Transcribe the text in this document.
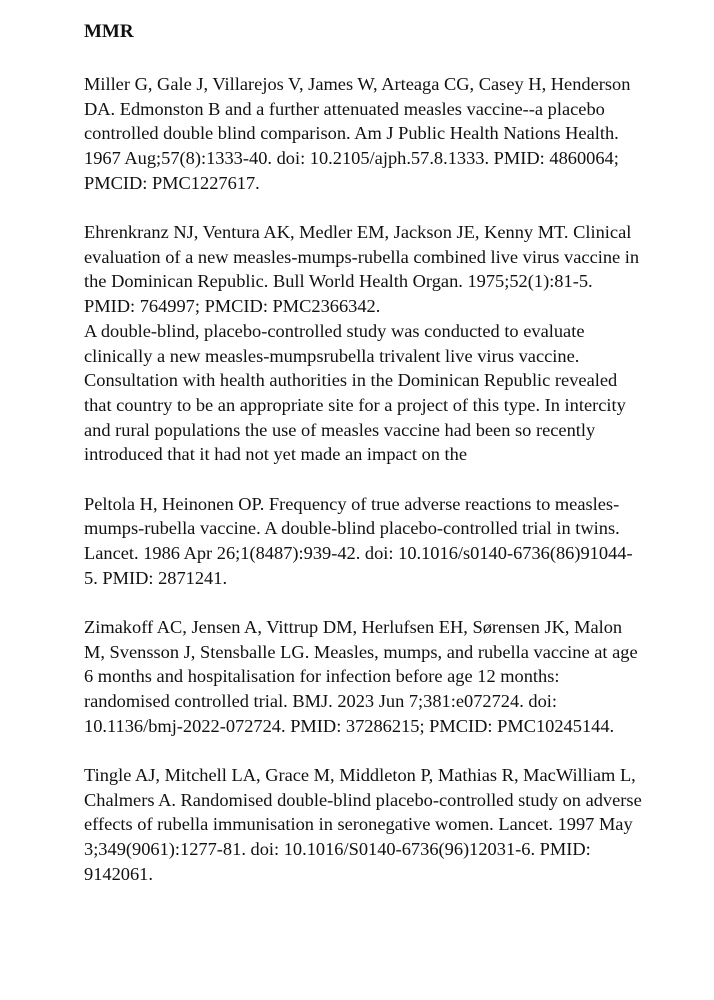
MMR

Miller G, Gale J, Villarejos V, James W, Arteaga CG, Casey H, Henderson DA. Edmonston B and a further attenuated measles vaccine--a placebo controlled double blind comparison. Am J Public Health Nations Health. 1967 Aug;57(8):1333-40. doi: 10.2105/ajph.57.8.1333. PMID: 4860064; PMCID: PMC1227617.

Ehrenkranz NJ, Ventura AK, Medler EM, Jackson JE, Kenny MT. Clinical evaluation of a new measles-mumps-rubella combined live virus vaccine in the Dominican Republic. Bull World Health Organ. 1975;52(1):81-5. PMID: 764997; PMCID: PMC2366342.

A double-blind, placebo-controlled study was conducted to evaluate clinically a new measles-mumpsrubella trivalent live virus vaccine. Consultation with health authorities in the Dominican Republic revealed that country to be an appropriate site for a project of this type. In intercity and rural populations the use of measles vaccine had been so recently introduced that it had not yet made an impact on the

Peltola H, Heinonen OP. Frequency of true adverse reactions to measles-mumps-rubella vaccine. A double-blind placebo-controlled trial in twins. Lancet. 1986 Apr 26;1(8487):939-42. doi: 10.1016/s0140-6736(86)91044-5. PMID: 2871241.

Zimakoff AC, Jensen A, Vittrup DM, Herlufsen EH, Sørensen JK, Malon M, Svensson J, Stensballe LG. Measles, mumps, and rubella vaccine at age 6 months and hospitalisation for infection before age 12 months: randomised controlled trial. BMJ. 2023 Jun 7;381:e072724. doi: 10.1136/bmj-2022-072724. PMID: 37286215; PMCID: PMC10245144.

Tingle AJ, Mitchell LA, Grace M, Middleton P, Mathias R, MacWilliam L, Chalmers A. Randomised double-blind placebo-controlled study on adverse effects of rubella immunisation in seronegative women. Lancet. 1997 May 3;349(9061):1277-81. doi: 10.1016/S0140-6736(96)12031-6. PMID: 9142061.
